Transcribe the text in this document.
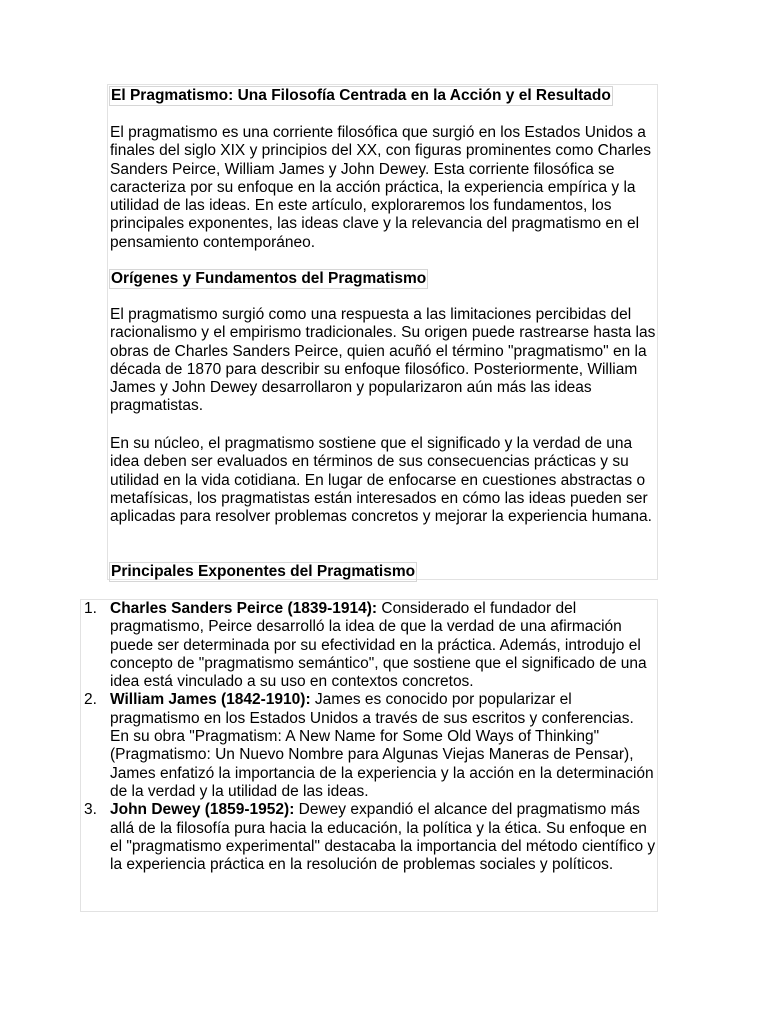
El Pragmatismo: Una Filosofía Centrada en la Acción y el Resultado

El pragmatismo es una corriente filosófica que surgió en los Estados Unidos a finales del siglo XIX y principios del XX, con figuras prominentes como Charles Sanders Peirce, William James y John Dewey. Esta corriente filosófica se caracteriza por su enfoque en la acción práctica, la experiencia empírica y la utilidad de las ideas. En este artículo, exploraremos los fundamentos, los principales exponentes, las ideas clave y la relevancia del pragmatismo en el pensamiento contemporáneo.

Orígenes y Fundamentos del Pragmatismo

El pragmatismo surgió como una respuesta a las limitaciones percibidas del racionalismo y el empirismo tradicionales. Su origen puede rastrearse hasta las obras de Charles Sanders Peirce, quien acuñó el término "pragmatismo" en la década de 1870 para describir su enfoque filosófico. Posteriormente, William James y John Dewey desarrollaron y popularizaron aún más las ideas pragmatistas.

En su núcleo, el pragmatismo sostiene que el significado y la verdad de una idea deben ser evaluados en términos de sus consecuencias prácticas y su utilidad en la vida cotidiana. En lugar de enfocarse en cuestiones abstractas o metafísicas, los pragmatistas están interesados en cómo las ideas pueden ser aplicadas para resolver problemas concretos y mejorar la experiencia humana.

Principales Exponentes del Pragmatismo
1. Charles Sanders Peirce (1839-1914): Considerado el fundador del pragmatismo, Peirce desarrolló la idea de que la verdad de una afirmación puede ser determinada por su efectividad en la práctica. Además, introdujo el concepto de "pragmatismo semántico", que sostiene que el significado de una idea está vinculado a su uso en contextos concretos.
2. William James (1842-1910): James es conocido por popularizar el pragmatismo en los Estados Unidos a través de sus escritos y conferencias. En su obra "Pragmatism: A New Name for Some Old Ways of Thinking" (Pragmatismo: Un Nuevo Nombre para Algunas Viejas Maneras de Pensar), James enfatizó la importancia de la experiencia y la acción en la determinación de la verdad y la utilidad de las ideas.
3. John Dewey (1859-1952): Dewey expandió el alcance del pragmatismo más allá de la filosofía pura hacia la educación, la política y la ética. Su enfoque en el "pragmatismo experimental" destacaba la importancia del método científico y la experiencia práctica en la resolución de problemas sociales y políticos.
